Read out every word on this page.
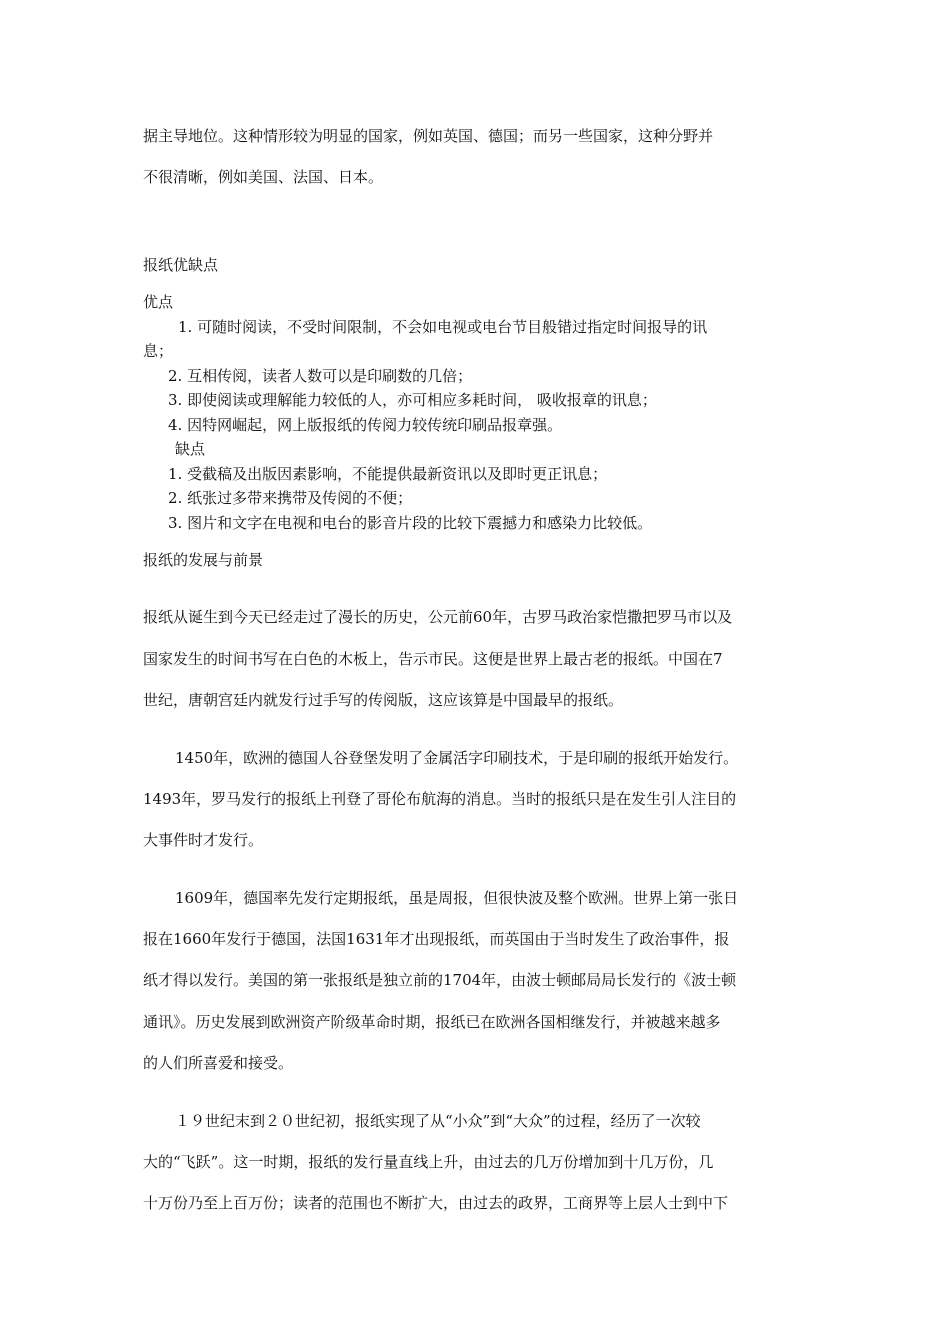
据主导地位。这种情形较为明显的国家，例如英国、德国；而另一些国家，这种分野并
不很清晰，例如美国、法国、日本。
报纸优缺点
优点
1. 可随时阅读，不受时间限制，不会如电视或电台节目般错过指定时间报导的讯
息；
2. 互相传阅，读者人数可以是印刷数的几倍；
3. 即使阅读或理解能力较低的人，亦可相应多耗时间， 吸收报章的讯息；
4. 因特网崛起，网上版报纸的传阅力较传统印刷品报章强。
缺点
1. 受截稿及出版因素影响，不能提供最新资讯以及即时更正讯息；
2. 纸张过多带来携带及传阅的不便；
3. 图片和文字在电视和电台的影音片段的比较下震撼力和感染力比较低。
报纸的发展与前景
报纸从诞生到今天已经走过了漫长的历史，公元前60年，古罗马政治家恺撒把罗马市以及
国家发生的时间书写在白色的木板上，告示市民。这便是世界上最古老的报纸。中国在7
世纪，唐朝宫廷内就发行过手写的传阅版，这应该算是中国最早的报纸。
1450年，欧洲的德国人谷登堡发明了金属活字印刷技术，于是印刷的报纸开始发行。
1493年，罗马发行的报纸上刊登了哥伦布航海的消息。当时的报纸只是在发生引人注目的
大事件时才发行。
1609年，德国率先发行定期报纸，虽是周报，但很快波及整个欧洲。世界上第一张日
报在1660年发行于德国，法国1631年才出现报纸，而英国由于当时发生了政治事件，报
纸才得以发行。美国的第一张报纸是独立前的1704年，由波士顿邮局局长发行的《波士顿
通讯》。历史发展到欧洲资产阶级革命时期，报纸已在欧洲各国相继发行，并被越来越多
的人们所喜爱和接受。
１９世纪末到２０世纪初，报纸实现了从“小众”到“大众”的过程，经历了一次较
大的“飞跃”。这一时期，报纸的发行量直线上升，由过去的几万份增加到十几万份，几
十万份乃至上百万份；读者的范围也不断扩大，由过去的政界，工商界等上层人士到中下
